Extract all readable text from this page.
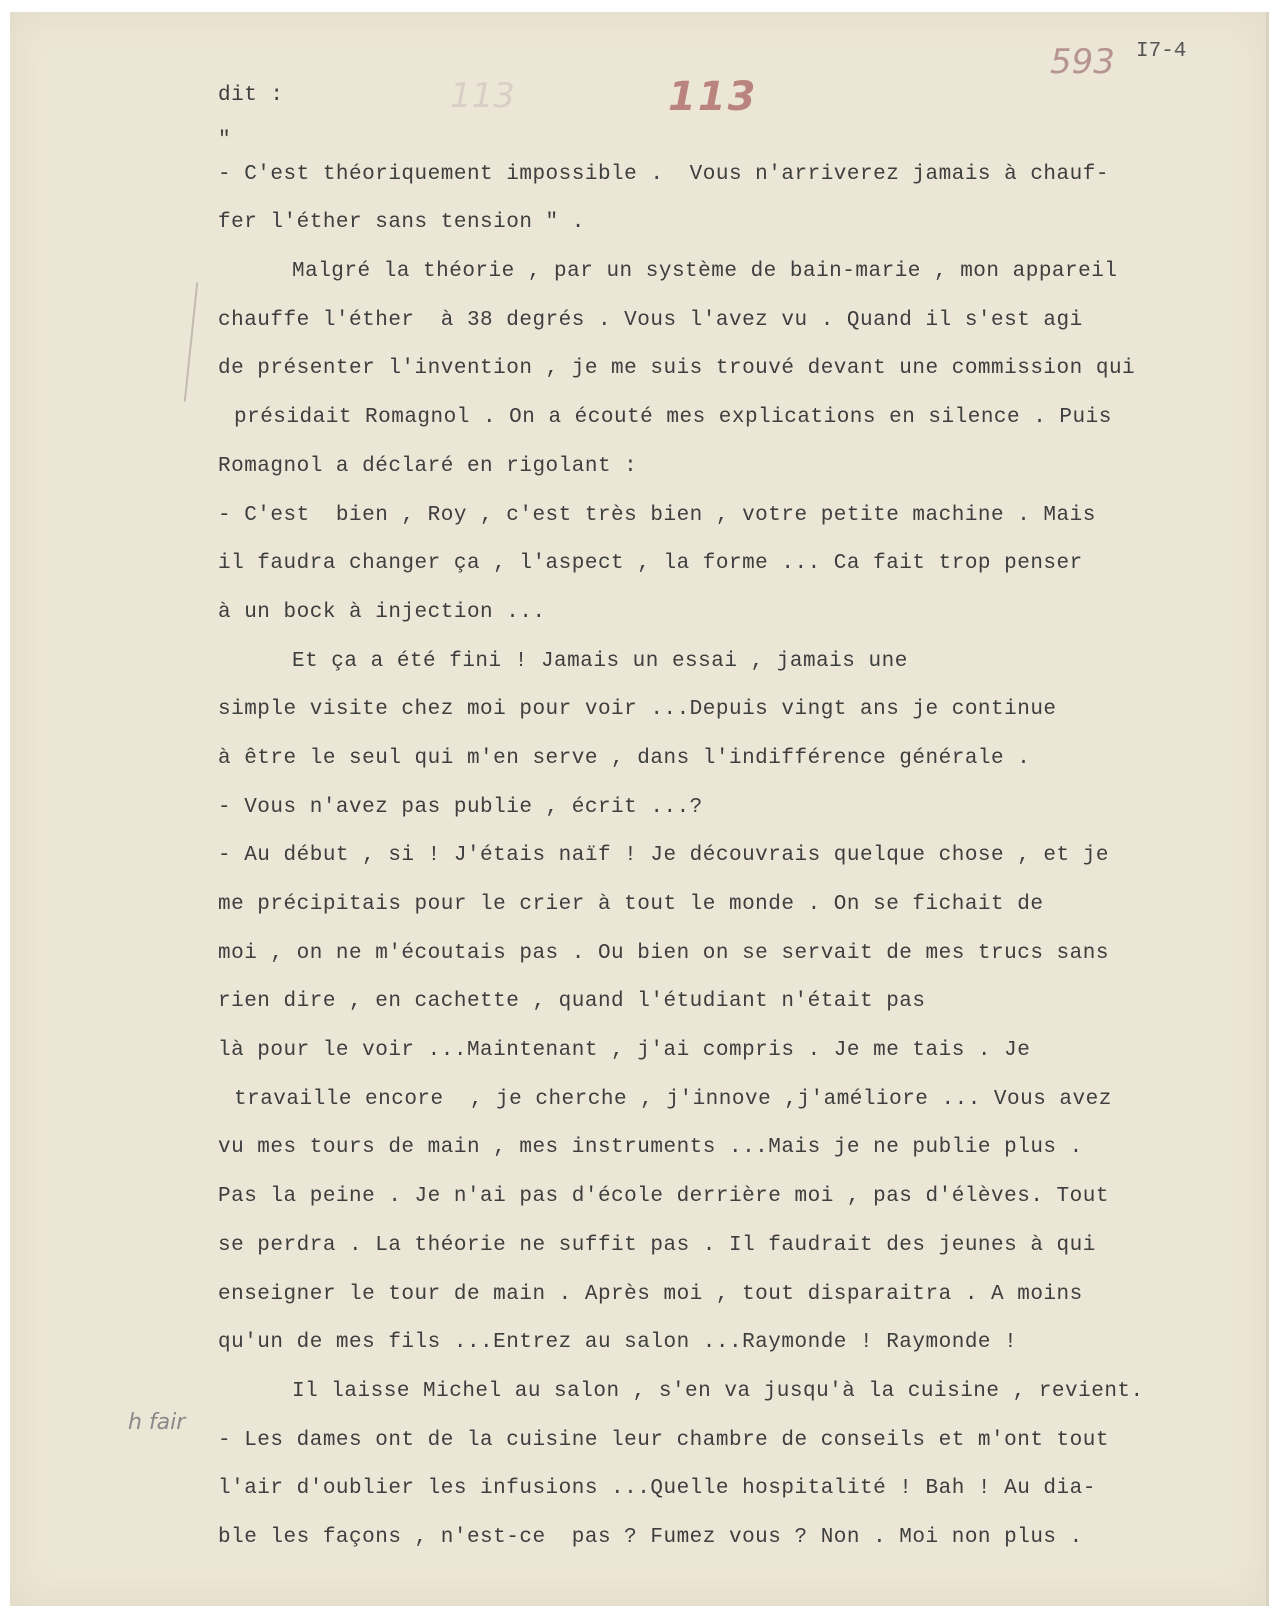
113	113
593 I7-4
h fair
dit :
"
- C'est théoriquement impossible .  Vous n'arriverez jamais à chauf-
fer l'éther sans tension " .
Malgré la théorie , par un système de bain-marie , mon appareil
chauffe l'éther  à 38 degrés . Vous l'avez vu . Quand il s'est agi
de présenter l'invention , je me suis trouvé devant une commission qui
présidait Romagnol . On a écouté mes explications en silence . Puis
Romagnol a déclaré en rigolant :
- C'est  bien , Roy , c'est très bien , votre petite machine . Mais
il faudra changer ça , l'aspect , la forme ... Ca fait trop penser
à un bock à injection ...
Et ça a été fini ! Jamais un essai , jamais une
simple visite chez moi pour voir ...Depuis vingt ans je continue
à être le seul qui m'en serve , dans l'indifférence générale .
- Vous n'avez pas publie , écrit ...?
- Au début , si ! J'étais naïf ! Je découvrais quelque chose , et je
me précipitais pour le crier à tout le monde . On se fichait de
moi , on ne m'écoutais pas . Ou bien on se servait de mes trucs sans
rien dire , en cachette , quand l'étudiant n'était pas
là pour le voir ...Maintenant , j'ai compris . Je me tais . Je
travaille encore  , je cherche , j'innove ,j'améliore ... Vous avez
vu mes tours de main , mes instruments ...Mais je ne publie plus .
Pas la peine . Je n'ai pas d'école derrière moi , pas d'élèves. Tout
se perdra . La théorie ne suffit pas . Il faudrait des jeunes à qui
enseigner le tour de main . Après moi , tout disparaitra . A moins
qu'un de mes fils ...Entrez au salon ...Raymonde ! Raymonde !
Il laisse Michel au salon , s'en va jusqu'à la cuisine , revient.
- Les dames ont de la cuisine leur chambre de conseils et m'ont tout
l'air d'oublier les infusions ...Quelle hospitalité ! Bah ! Au dia-
ble les façons , n'est-ce  pas ? Fumez vous ? Non . Moi non plus .
